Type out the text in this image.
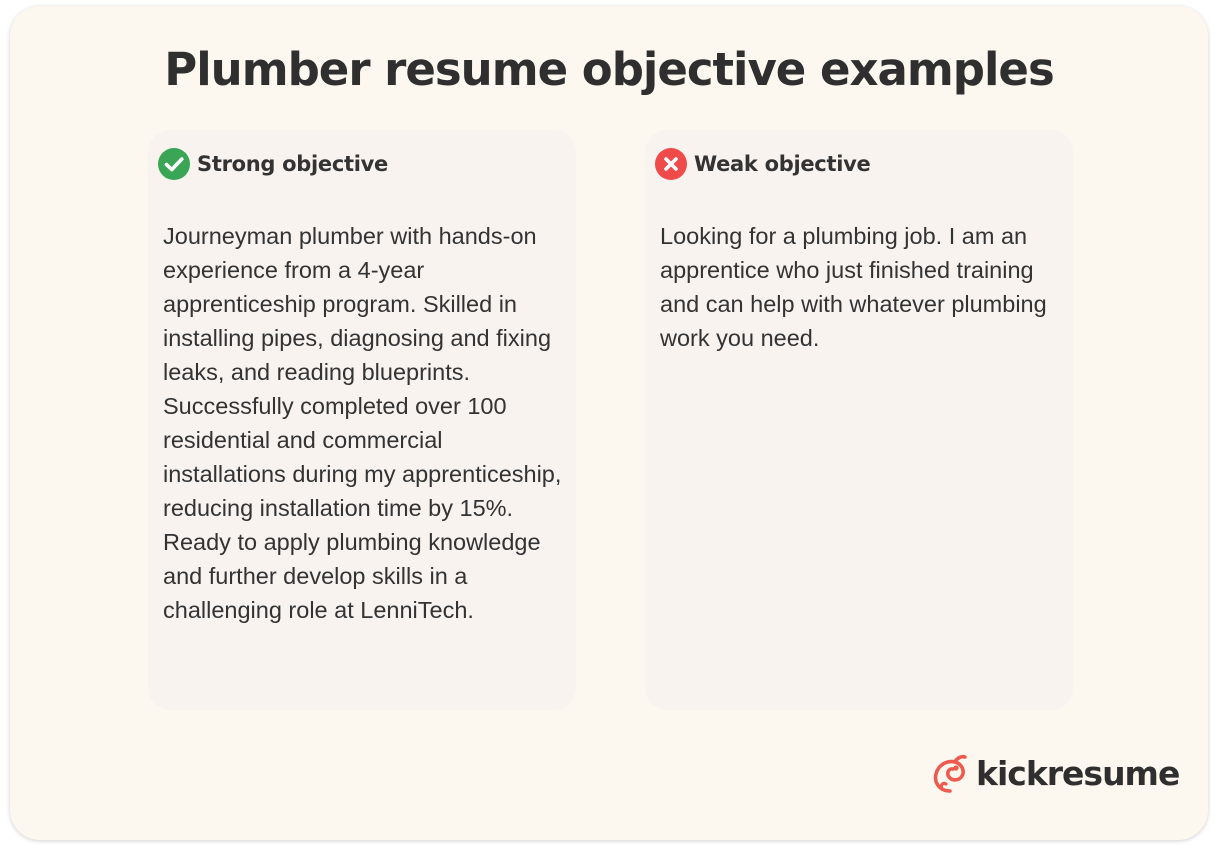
Plumber resume objective examples
Strong objective

Journeyman plumber with hands-on experience from a 4-year apprenticeship program. Skilled in installing pipes, diagnosing and fixing leaks, and reading blueprints. Successfully completed over 100 residential and commercial installations during my apprenticeship, reducing installation time by 15%. Ready to apply plumbing knowledge and further develop skills in a challenging role at LenniTech.

Weak objective

Looking for a plumbing job. I am an apprentice who just finished training and can help with whatever plumbing work you need.

kickresume
